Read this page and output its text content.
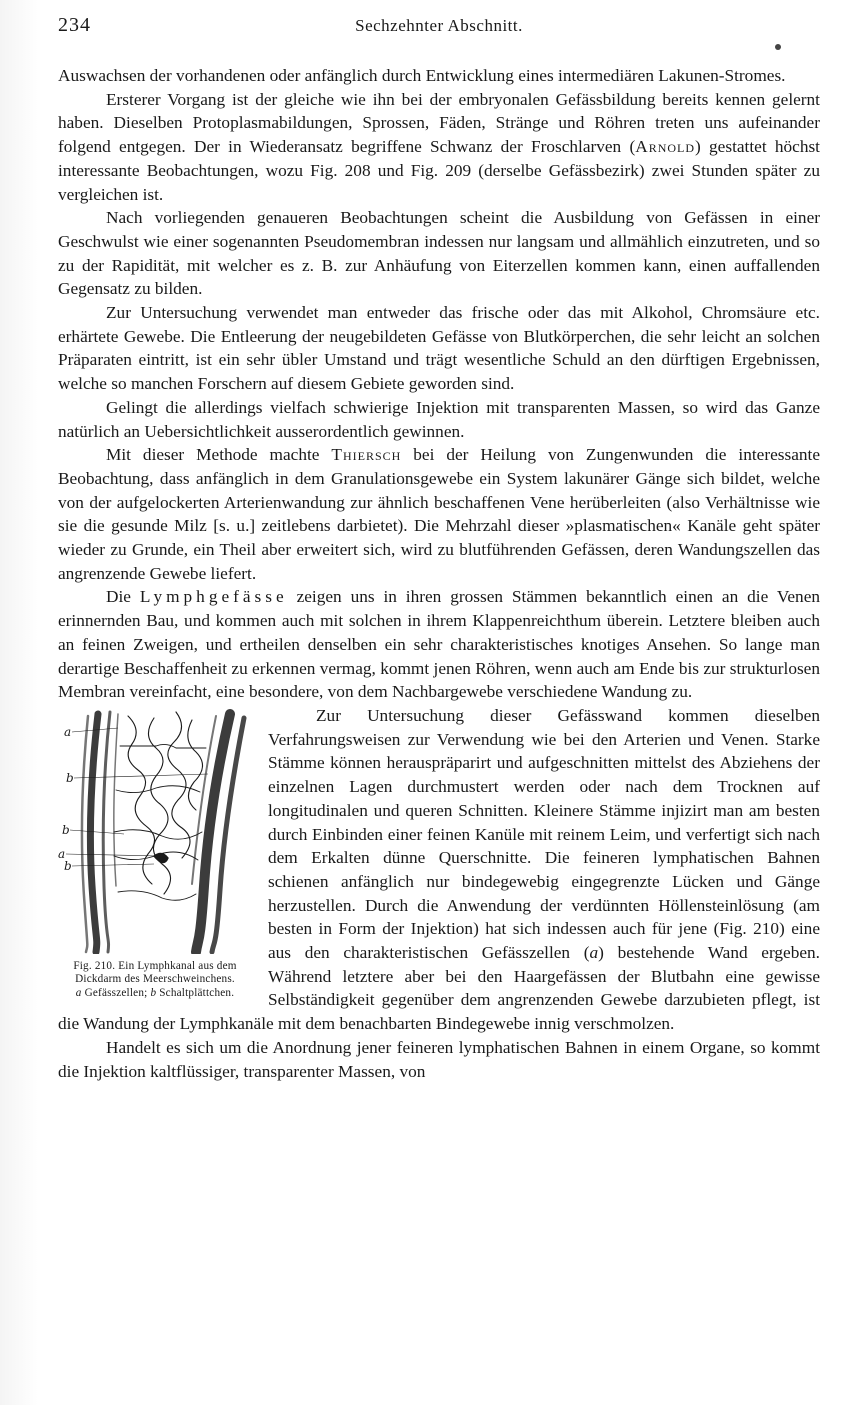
234	Sechzehnter Abschnitt.

Auswachsen der vorhandenen oder anfänglich durch Entwicklung eines intermediären Lakunen-Stromes.

Ersterer Vorgang ist der gleiche wie ihn bei der embryonalen Gefässbildung bereits kennen gelernt haben. Dieselben Protoplasmabildungen, Sprossen, Fäden, Stränge und Röhren treten uns aufeinander folgend entgegen. Der in Wiederansatz begriffene Schwanz der Froschlarven (Arnold) gestattet höchst interessante Beobachtungen, wozu Fig. 208 und Fig. 209 (derselbe Gefässbezirk) zwei Stunden später zu vergleichen ist.

Nach vorliegenden genaueren Beobachtungen scheint die Ausbildung von Gefässen in einer Geschwulst wie einer sogenannten Pseudomembran indessen nur langsam und allmählich einzutreten, und so zu der Rapidität, mit welcher es z. B. zur Anhäufung von Eiterzellen kommen kann, einen auffallenden Gegensatz zu bilden.

Zur Untersuchung verwendet man entweder das frische oder das mit Alkohol, Chromsäure etc. erhärtete Gewebe. Die Entleerung der neugebildeten Gefässe von Blutkörperchen, die sehr leicht an solchen Präparaten eintritt, ist ein sehr übler Umstand und trägt wesentliche Schuld an den dürftigen Ergebnissen, welche so manchen Forschern auf diesem Gebiete geworden sind.

Gelingt die allerdings vielfach schwierige Injektion mit transparenten Massen, so wird das Ganze natürlich an Uebersichtlichkeit ausserordentlich gewinnen.

Mit dieser Methode machte Thiersch bei der Heilung von Zungenwunden die interessante Beobachtung, dass anfänglich in dem Granulationsgewebe ein System lakunärer Gänge sich bildet, welche von der aufgelockerten Arterienwandung zur ähnlich beschaffenen Vene herüberleiten (also Verhältnisse wie sie die gesunde Milz [s. u.] zeitlebens darbietet). Die Mehrzahl dieser »plasmatischen« Kanäle geht später wieder zu Grunde, ein Theil aber erweitert sich, wird zu blutführenden Gefässen, deren Wandungszellen das angrenzende Gewebe liefert.

Die Lymphgefässe zeigen uns in ihren grossen Stämmen bekanntlich einen an die Venen erinnernden Bau, und kommen auch mit solchen in ihrem Klappenreichthum überein. Letztere bleiben auch an feinen Zweigen, und ertheilen denselben ein sehr charakteristisches knotiges Ansehen. So lange man derartige Beschaffenheit zu erkennen vermag, kommt jenen Röhren, wenn auch am Ende bis zur strukturlosen Membran vereinfacht, eine besondere, von dem Nachbargewebe verschiedene Wandung zu.

a
b
b
a
b
Fig. 210. Ein Lymphkanal aus dem Dickdarm des Meerschweinchens.
a Gefässzellen; b Schaltplättchen.

Zur Untersuchung dieser Gefässwand kommen dieselben Verfahrungsweisen zur Verwendung wie bei den Arterien und Venen. Starke Stämme können herauspräparirt und aufgeschnitten mittelst des Abziehens der einzelnen Lagen durchmustert werden oder nach dem Trocknen auf longitudinalen und queren Schnitten. Kleinere Stämme injizirt man am besten durch Einbinden einer feinen Kanüle mit reinem Leim, und verfertigt sich nach dem Erkalten dünne Querschnitte. Die feineren lymphatischen Bahnen schienen anfänglich nur bindegewebig eingegrenzte Lücken und Gänge herzustellen. Durch die Anwendung der verdünnten Höllensteinlösung (am besten in Form der Injektion) hat sich indessen auch für jene (Fig. 210) eine aus den charakteristischen Gefässzellen (a) bestehende Wand ergeben. Während letztere aber bei den Haargefässen der Blutbahn eine gewisse Selbständigkeit gegenüber dem angrenzenden Gewebe darzubieten pflegt, ist die Wandung der Lymphkanäle mit dem benachbarten Bindegewebe innig verschmolzen.

Handelt es sich um die Anordnung jener feineren lymphatischen Bahnen in einem Organe, so kommt die Injektion kaltflüssiger, transparenter Massen, von
